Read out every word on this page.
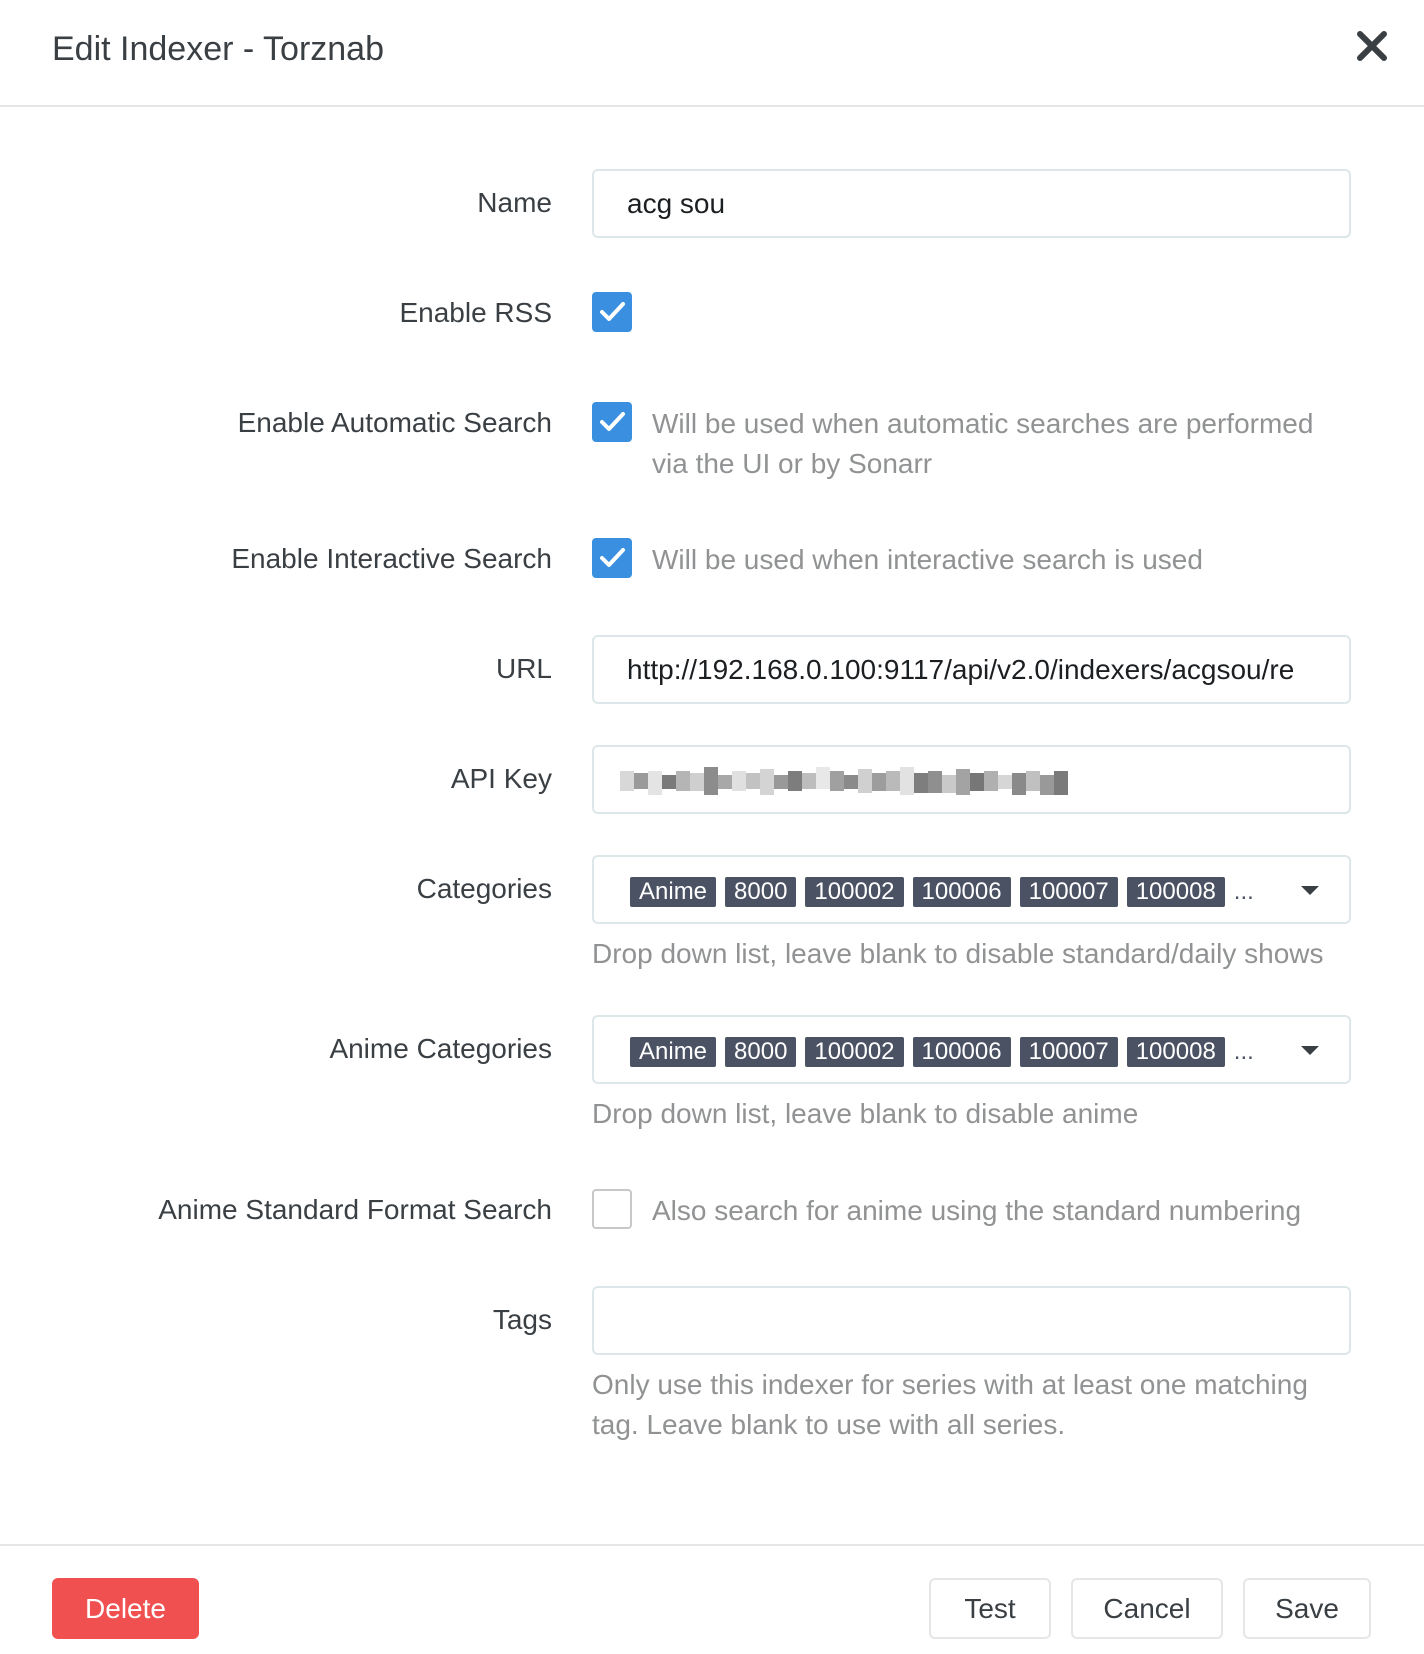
Edit Indexer - Torznab
Name	acg sou
Enable RSS
Enable Automatic Search	Will be used when automatic searches are performed
via the UI or by Sonarr
Enable Interactive Search	Will be used when interactive search is used
URL	http://192.168.0.100:9117/api/v2.0/indexers/acgsou/re
API Key
Categories	Anime	8000	100002	100006	100007	100008 ...
Drop down list, leave blank to disable standard/daily shows
Anime Categories	Anime	8000	100002	100006	100007	100008 ...
Drop down list, leave blank to disable anime
Anime Standard Format Search	Also search for anime using the standard numbering
Tags
Only use this indexer for series with at least one matching
tag. Leave blank to use with all series.
Delete	Test	Cancel	Save
